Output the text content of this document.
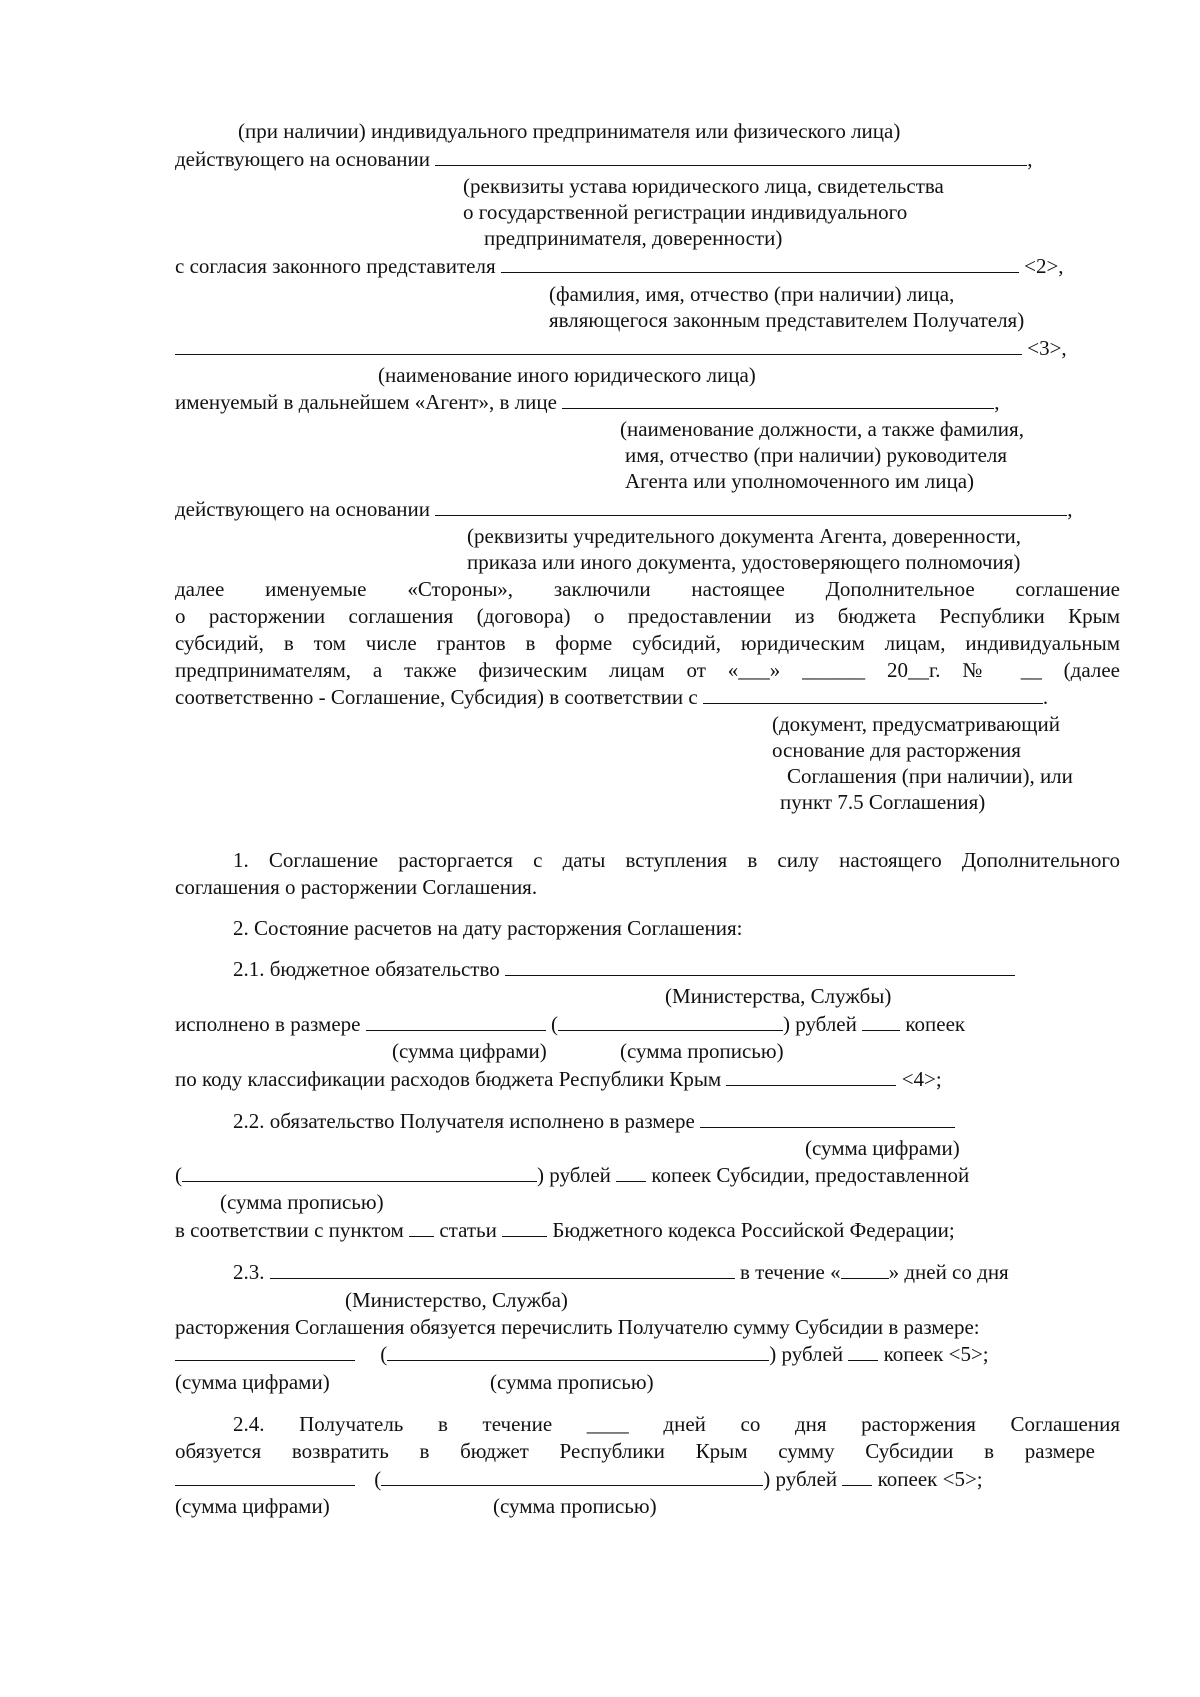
(при наличии) индивидуального предпринимателя или физического лица)
действующего на основании	,
(реквизиты устава юридического лица, свидетельства
о государственной регистрации индивидуального
предпринимателя, доверенности)
с согласия законного представителя	<2>,
(фамилия, имя, отчество (при наличии) лица,
являющегося законным представителем Получателя)
<3>,
(наименование иного юридического лица)
именуемый в дальнейшем «Агент», в лице	,
(наименование должности, а также фамилия,
имя, отчество (при наличии) руководителя
Агента или уполномоченного им лица)
действующего на основании	,
(реквизиты учредительного документа Агента, доверенности,
приказа или иного документа, удостоверяющего полномочия)
далее именуемые «Стороны», заключили настоящее Дополнительное соглашение
о расторжении соглашения (договора) о предоставлении из бюджета Республики Крым
субсидий, в том числе грантов в форме субсидий, юридическим лицам, индивидуальным
предпринимателям, а также физическим лицам от «___» ______ 20__г. № __ (далее
соответственно - Соглашение, Субсидия) в соответствии с	.
(документ, предусматривающий
основание для расторжения
Соглашения (при наличии), или
пункт 7.5 Соглашения)
1. Соглашение расторгается с даты вступления в силу настоящего Дополнительного
соглашения о расторжении Соглашения.
2. Состояние расчетов на дату расторжения Соглашения:
2.1. бюджетное обязательство
(Министерства, Службы)
исполнено в размере	(	) рублей копеек
(сумма цифрами)	(сумма прописью)
по коду классификации расходов бюджета Республики Крым	<4>;
2.2. обязательство Получателя исполнено в размере
(сумма цифрами)
(	) рублей копеек Субсидии, предоставленной
(сумма прописью)
в соответствии с пунктом статьи	Бюджетного кодекса Российской Федерации;
2.3.	в течение « » дней со дня
(Министерство, Служба)
расторжения Соглашения обязуется перечислить Получателю сумму Субсидии в размере:
(	) рублей копеек <5>;
(сумма цифрами)	(сумма прописью)
2.4. Получатель в течение ____ дней со дня расторжения Соглашения
обязуется возвратить в бюджет Республики Крым сумму Субсидии в размере
(	) рублей копеек <5>;
(сумма цифрами)	(сумма прописью)
